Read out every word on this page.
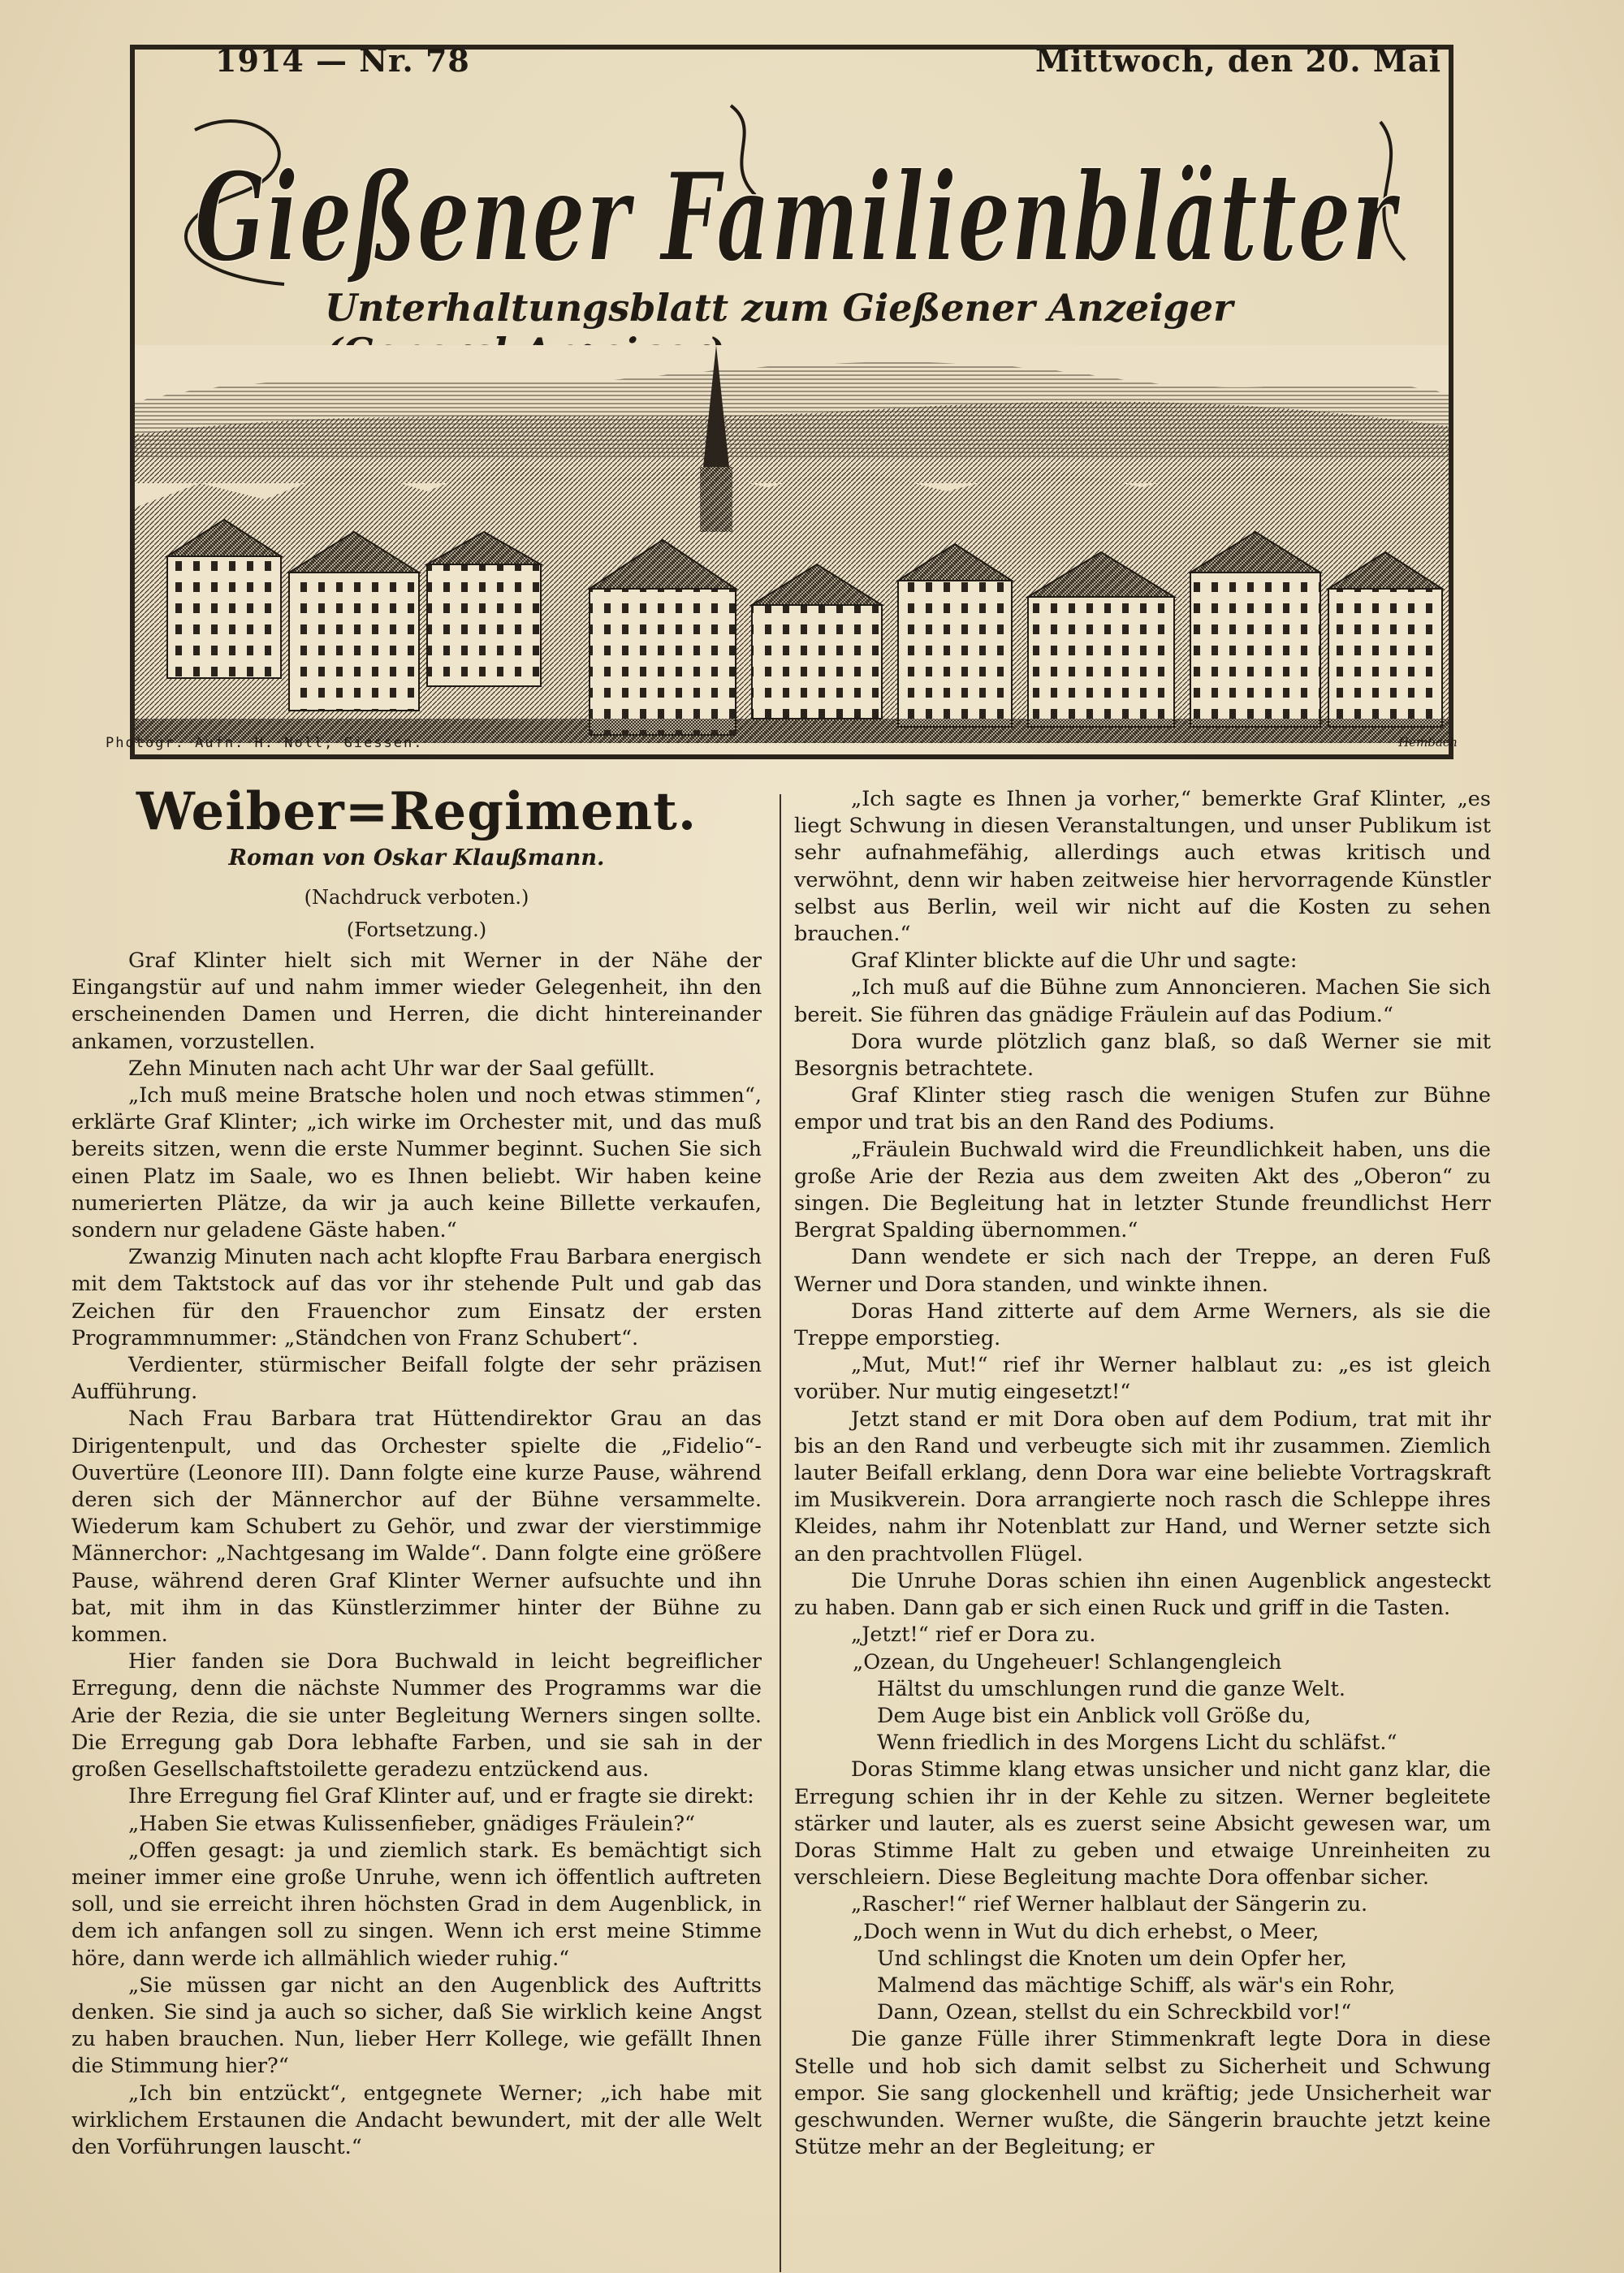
1914 — Nr. 78	Mittwoch, den 20. Mai
Gießener Familienblätter
Unterhaltungsblatt zum Gießener Anzeiger
Photogr. Aufn. H. Noll, Giessen.	Hembach
Weiber=Regiment.

Roman von Oskar Klaußmann.

(Nachdruck verboten.)

(Fortsetzung.)

Graf Klinter hielt sich mit Werner in der Nähe der Eingangstür auf und nahm immer wieder Gelegenheit, ihn den erscheinenden Damen und Herren, die dicht hintereinander ankamen, vorzustellen.

Zehn Minuten nach acht Uhr war der Saal gefüllt.

„Ich muß meine Bratsche holen und noch etwas stimmen“, erklärte Graf Klinter; „ich wirke im Orchester mit, und das muß bereits sitzen, wenn die erste Nummer beginnt. Suchen Sie sich einen Platz im Saale, wo es Ihnen beliebt. Wir haben keine numerierten Plätze, da wir ja auch keine Billette verkaufen, sondern nur geladene Gäste haben.“

Zwanzig Minuten nach acht klopfte Frau Barbara energisch mit dem Taktstock auf das vor ihr stehende Pult und gab das Zeichen für den Frauenchor zum Einsatz der ersten Programmnummer: „Ständchen von Franz Schubert“.

Verdienter, stürmischer Beifall folgte der sehr präzisen Aufführung.

Nach Frau Barbara trat Hüttendirektor Grau an das Dirigentenpult, und das Orchester spielte die „Fidelio“-Ouvertüre (Leonore III). Dann folgte eine kurze Pause, während deren sich der Männerchor auf der Bühne versammelte. Wiederum kam Schubert zu Gehör, und zwar der vierstimmige Männerchor: „Nachtgesang im Walde“. Dann folgte eine größere Pause, während deren Graf Klinter Werner aufsuchte und ihn bat, mit ihm in das Künstlerzimmer hinter der Bühne zu kommen.

Hier fanden sie Dora Buchwald in leicht begreiflicher Erregung, denn die nächste Nummer des Programms war die Arie der Rezia, die sie unter Begleitung Werners singen sollte. Die Erregung gab Dora lebhafte Farben, und sie sah in der großen Gesellschaftstoilette geradezu entzückend aus.

Ihre Erregung fiel Graf Klinter auf, und er fragte sie direkt:

„Haben Sie etwas Kulissenfieber, gnädiges Fräulein?“

„Offen gesagt: ja und ziemlich stark. Es bemächtigt sich meiner immer eine große Unruhe, wenn ich öffentlich auftreten soll, und sie erreicht ihren höchsten Grad in dem Augenblick, in dem ich anfangen soll zu singen. Wenn ich erst meine Stimme höre, dann werde ich allmählich wieder ruhig.“

„Sie müssen gar nicht an den Augenblick des Auftritts denken. Sie sind ja auch so sicher, daß Sie wirklich keine Angst zu haben brauchen. Nun, lieber Herr Kollege, wie gefällt Ihnen die Stimmung hier?“

„Ich bin entzückt“, entgegnete Werner; „ich habe mit wirklichem Erstaunen die Andacht bewundert, mit der alle Welt den Vorführungen lauscht.“

„Ich sagte es Ihnen ja vorher,“ bemerkte Graf Klinter, „es liegt Schwung in diesen Veranstaltungen, und unser Publikum ist sehr aufnahmefähig, allerdings auch etwas kritisch und verwöhnt, denn wir haben zeitweise hier hervorragende Künstler selbst aus Berlin, weil wir nicht auf die Kosten zu sehen brauchen.“

Graf Klinter blickte auf die Uhr und sagte:

„Ich muß auf die Bühne zum Annoncieren. Machen Sie sich bereit. Sie führen das gnädige Fräulein auf das Podium.“

Dora wurde plötzlich ganz blaß, so daß Werner sie mit Besorgnis betrachtete.

Graf Klinter stieg rasch die wenigen Stufen zur Bühne empor und trat bis an den Rand des Podiums.

„Fräulein Buchwald wird die Freundlichkeit haben, uns die große Arie der Rezia aus dem zweiten Akt des „Oberon“ zu singen. Die Begleitung hat in letzter Stunde freundlichst Herr Bergrat Spalding übernommen.“

Dann wendete er sich nach der Treppe, an deren Fuß Werner und Dora standen, und winkte ihnen.

Doras Hand zitterte auf dem Arme Werners, als sie die Treppe emporstieg.

„Mut, Mut!“ rief ihr Werner halblaut zu: „es ist gleich vorüber. Nur mutig eingesetzt!“

Jetzt stand er mit Dora oben auf dem Podium, trat mit ihr bis an den Rand und verbeugte sich mit ihr zusammen. Ziemlich lauter Beifall erklang, denn Dora war eine beliebte Vortragskraft im Musikverein. Dora arrangierte noch rasch die Schleppe ihres Kleides, nahm ihr Notenblatt zur Hand, und Werner setzte sich an den prachtvollen Flügel.

Die Unruhe Doras schien ihn einen Augenblick angesteckt zu haben. Dann gab er sich einen Ruck und griff in die Tasten.

„Jetzt!“ rief er Dora zu.

„Ozean, du Ungeheuer! Schlangengleich
Hältst du umschlungen rund die ganze Welt.
Dem Auge bist ein Anblick voll Größe du,
Wenn friedlich in des Morgens Licht du schläfst.“

Doras Stimme klang etwas unsicher und nicht ganz klar, die Erregung schien ihr in der Kehle zu sitzen. Werner begleitete stärker und lauter, als es zuerst seine Absicht gewesen war, um Doras Stimme Halt zu geben und etwaige Unreinheiten zu verschleiern. Diese Begleitung machte Dora offenbar sicher.

„Rascher!“ rief Werner halblaut der Sängerin zu.

„Doch wenn in Wut du dich erhebst, o Meer,
Und schlingst die Knoten um dein Opfer her,
Malmend das mächtige Schiff, als wär's ein Rohr,
Dann, Ozean, stellst du ein Schreckbild vor!“

Die ganze Fülle ihrer Stimmenkraft legte Dora in diese Stelle und hob sich damit selbst zu Sicherheit und Schwung empor. Sie sang glockenhell und kräftig; jede Unsicherheit war geschwunden. Werner wußte, die Sängerin brauchte jetzt keine Stütze mehr an der Begleitung; er
